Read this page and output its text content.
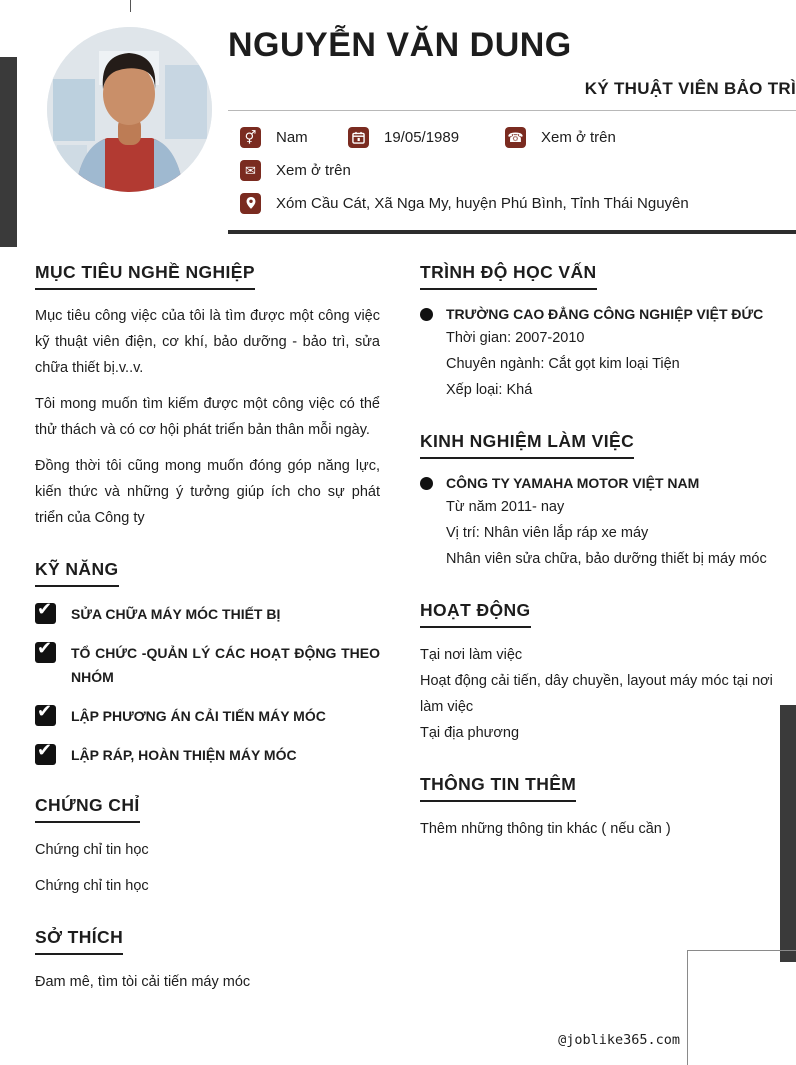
NGUYỄN VĂN DUNG
KÝ THUẬT VIÊN BẢO TRÌ
⚥	Nam	19/05/1989	☎ Xem ở trên
✉	Xem ở trên
Xóm Cầu Cát, Xã Nga My, huyện Phú Bình, Tỉnh Thái Nguyên
MỤC TIÊU NGHỀ NGHIỆP

Mục tiêu công việc của tôi là tìm được một công việc kỹ thuật viên điện, cơ khí, bảo dưỡng - bảo trì, sửa chữa thiết bị.v..v.

Tôi mong muốn tìm kiếm được một công việc có thể thử thách và có cơ hội phát triển bản thân mỗi ngày.

Đồng thời tôi cũng mong muốn đóng góp năng lực, kiến thức và những ý tưởng giúp ích cho sự phát triển của Công ty

KỸ NĂNG
✔ SỬA CHỮA MÁY MÓC THIẾT BỊ
✔ TỔ CHỨC -QUẢN LÝ CÁC HOẠT ĐỘNG THEO NHÓM
✔ LẬP PHƯƠNG ÁN CẢI TIẾN MÁY MÓC
✔ LẬP RÁP, HOÀN THIỆN MÁY MÓC
CHỨNG CHỈ
Chứng chỉ tin học
Chứng chỉ tin học
SỞ THÍCH
Đam mê, tìm tòi cải tiến máy móc
TRÌNH ĐỘ HỌC VẤN
TRƯỜNG CAO ĐẲNG CÔNG NGHIỆP VIỆT ĐỨC
Thời gian: 2007-2010
Chuyên ngành: Cắt gọt kim loại Tiện
Xếp loại: Khá
KINH NGHIỆM LÀM VIỆC
CÔNG TY YAMAHA MOTOR VIỆT NAM
Từ năm 2011- nay
Vị trí: Nhân viên lắp ráp xe máy
Nhân viên sửa chữa, bảo dưỡng thiết bị máy móc
HOẠT ĐỘNG
Tại nơi làm việc
Hoạt động cải tiến, dây chuyền, layout máy móc tại nơi làm việc
Tại địa phương
THÔNG TIN THÊM
Thêm những thông tin khác ( nếu cần )
@joblike365.com
